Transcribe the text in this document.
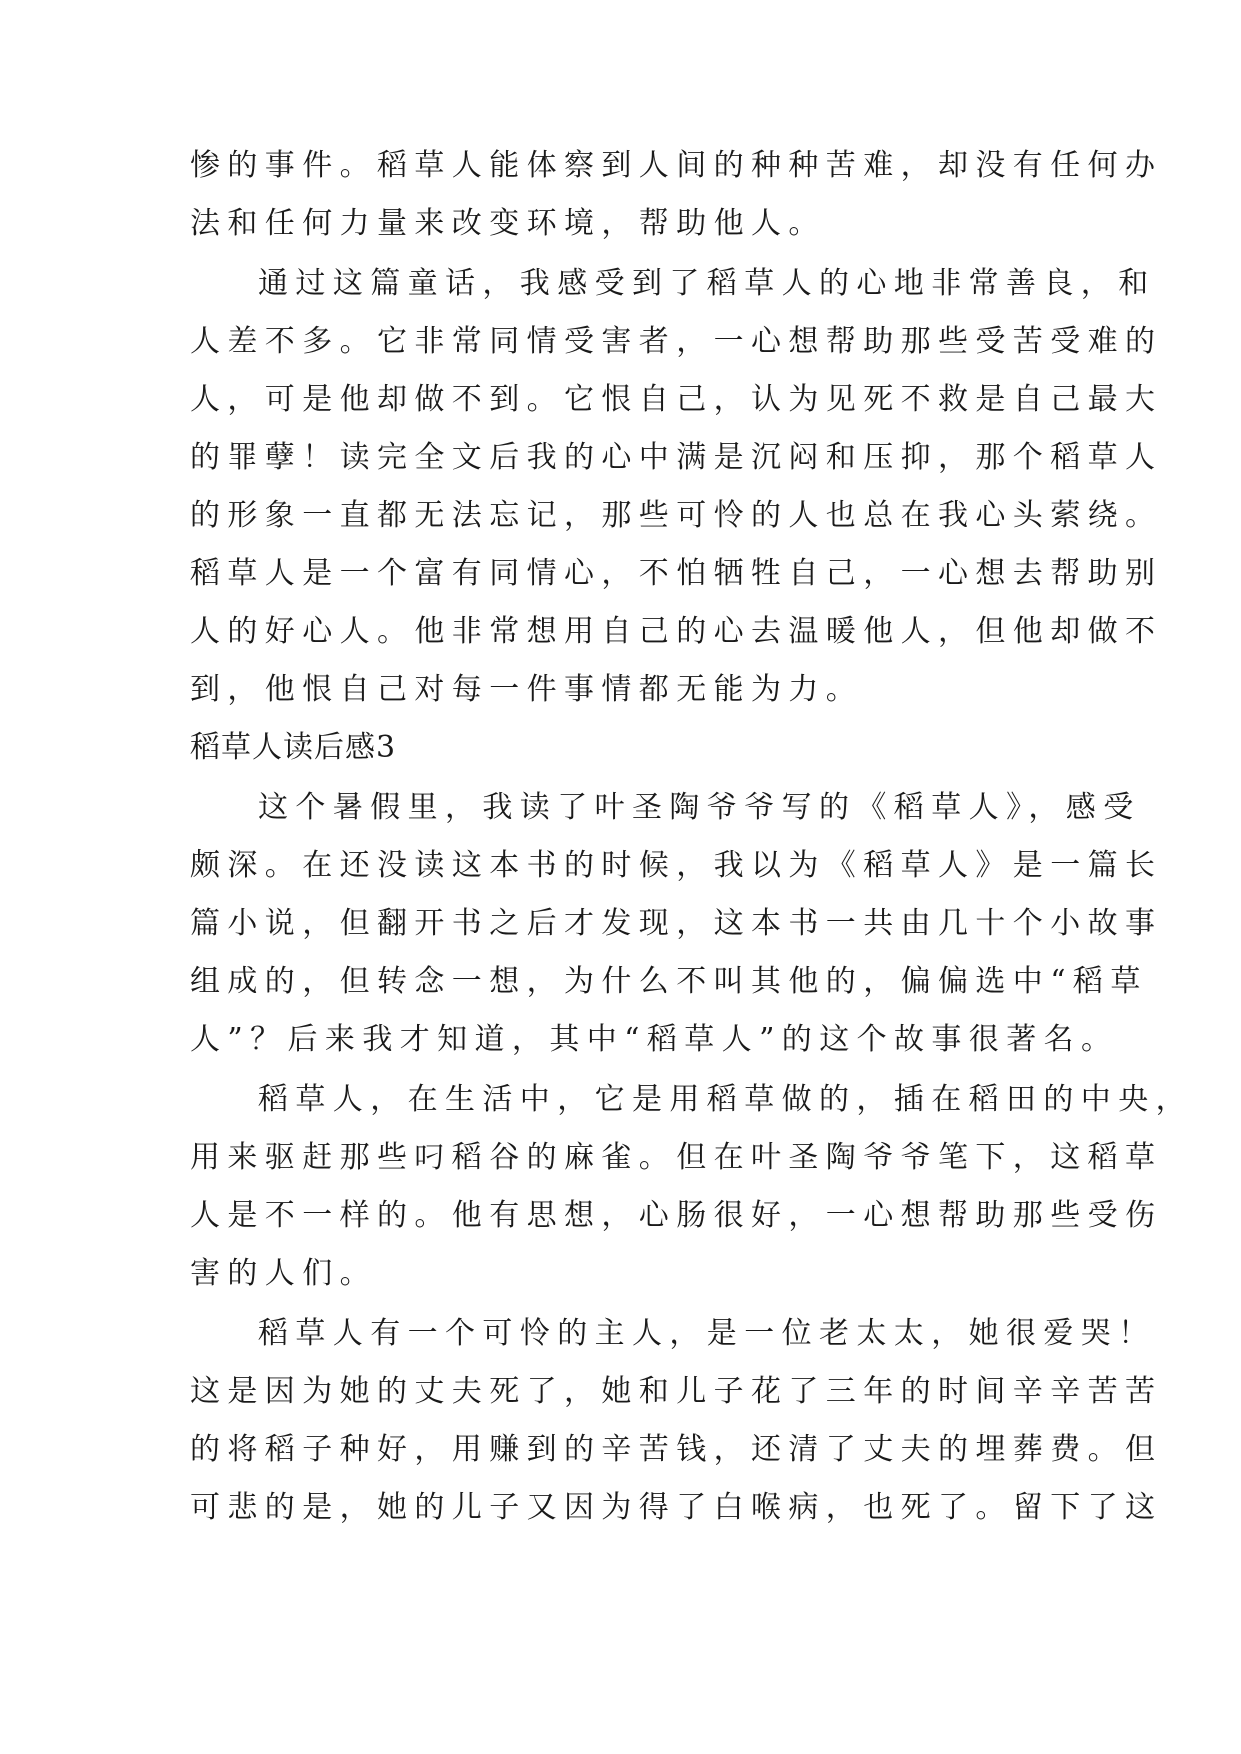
惨的事件。稻草人能体察到人间的种种苦难，却没有任何办
法和任何力量来改变环境，帮助他人。
通过这篇童话，我感受到了稻草人的心地非常善良，和
人差不多。它非常同情受害者，一心想帮助那些受苦受难的
人，可是他却做不到。它恨自己，认为见死不救是自己最大
的罪孽！读完全文后我的心中满是沉闷和压抑，那个稻草人
的形象一直都无法忘记，那些可怜的人也总在我心头萦绕。
稻草人是一个富有同情心，不怕牺牲自己，一心想去帮助别
人的好心人。他非常想用自己的心去温暖他人，但他却做不
到，他恨自己对每一件事情都无能为力。
稻草人读后感3
这个暑假里，我读了叶圣陶爷爷写的《稻草人》，感受
颇深。在还没读这本书的时候，我以为《稻草人》是一篇长
篇小说，但翻开书之后才发现，这本书一共由几十个小故事
组成的，但转念一想，为什么不叫其他的，偏偏选中“稻草
人”？后来我才知道，其中“稻草人”的这个故事很著名。
稻草人，在生活中，它是用稻草做的，插在稻田的中央，
用来驱赶那些叼稻谷的麻雀。但在叶圣陶爷爷笔下，这稻草
人是不一样的。他有思想，心肠很好，一心想帮助那些受伤
害的人们。
稻草人有一个可怜的主人，是一位老太太，她很爱哭！
这是因为她的丈夫死了，她和儿子花了三年的时间辛辛苦苦
的将稻子种好，用赚到的辛苦钱，还清了丈夫的埋葬费。但
可悲的是，她的儿子又因为得了白喉病，也死了。留下了这
